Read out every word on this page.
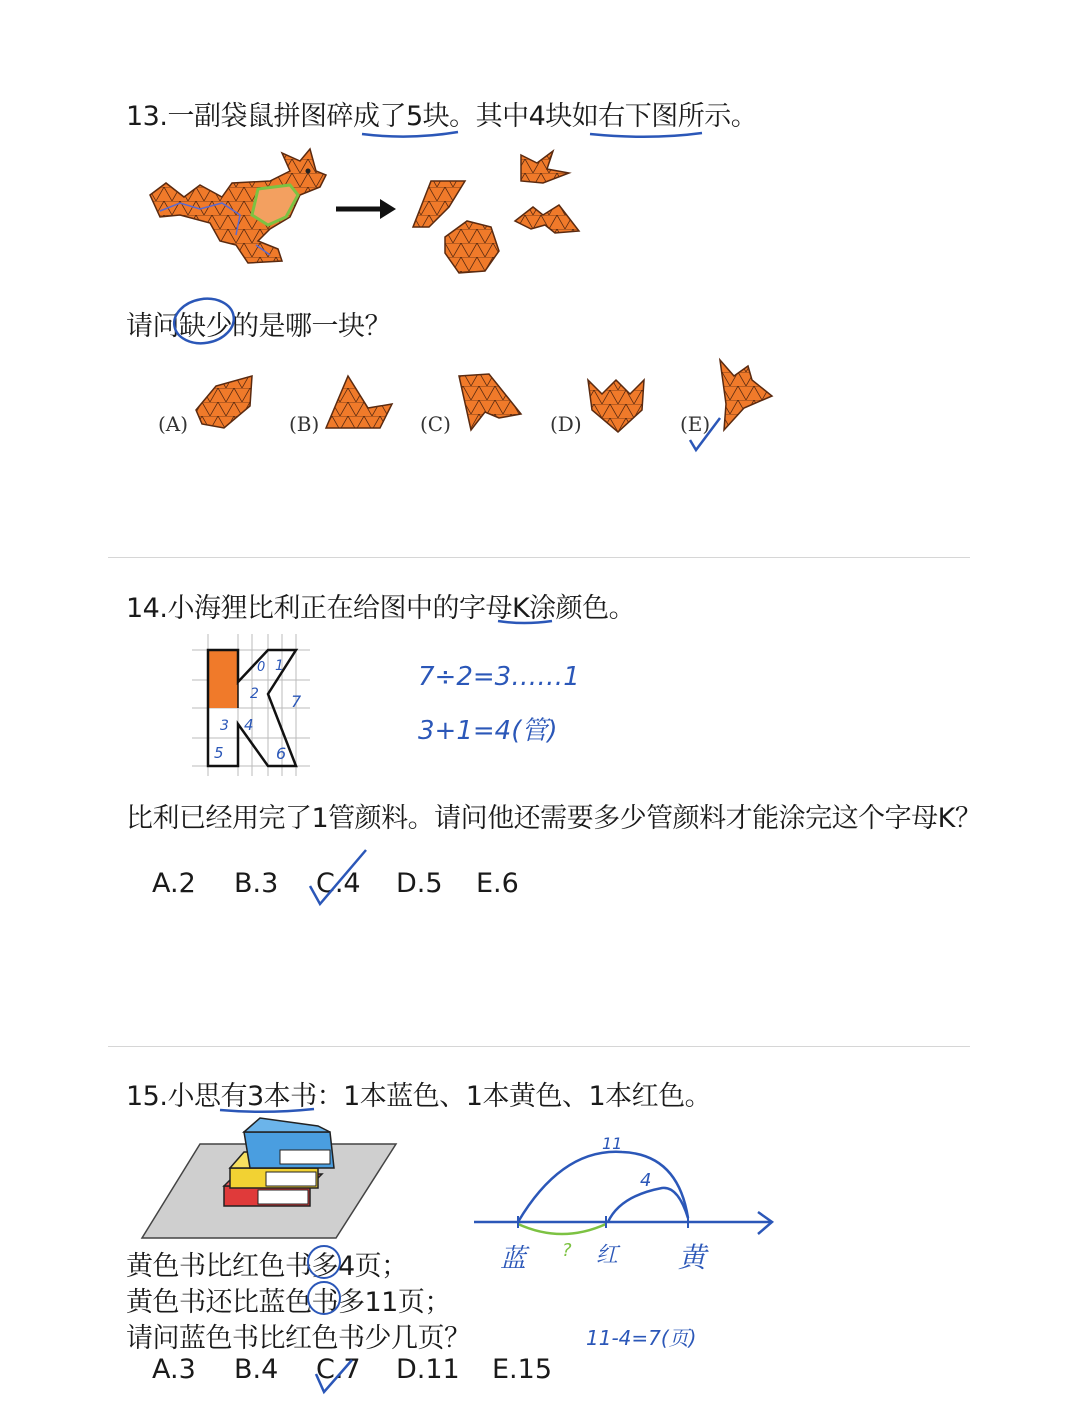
13.一副袋鼠拼图碎成了5块。其中4块如右下图所示。
请问缺少的是哪一块？
(A)	(B)	(C)	(D)	(E)
14.小海狸比利正在给图中的字母K涂颜色。
0 1
2 7
3 4
5	6
7÷2=3……1
3+1=4(管)
比利已经用完了1管颜料。请问他还需要多少管颜料才能涂完这个字母K？
A.2 B.3 C.4 D.5 E.6
15.小思有3本书：1本蓝色、1本黄色、1本红色。
黄色书比红色书多4页；
黄色书还比蓝色书多11页；
请问蓝色书比红色书少几页？
A.3 B.4 C.7 D.11 E.15
11
4
蓝 ? 红 黄
11-4=7(页)
